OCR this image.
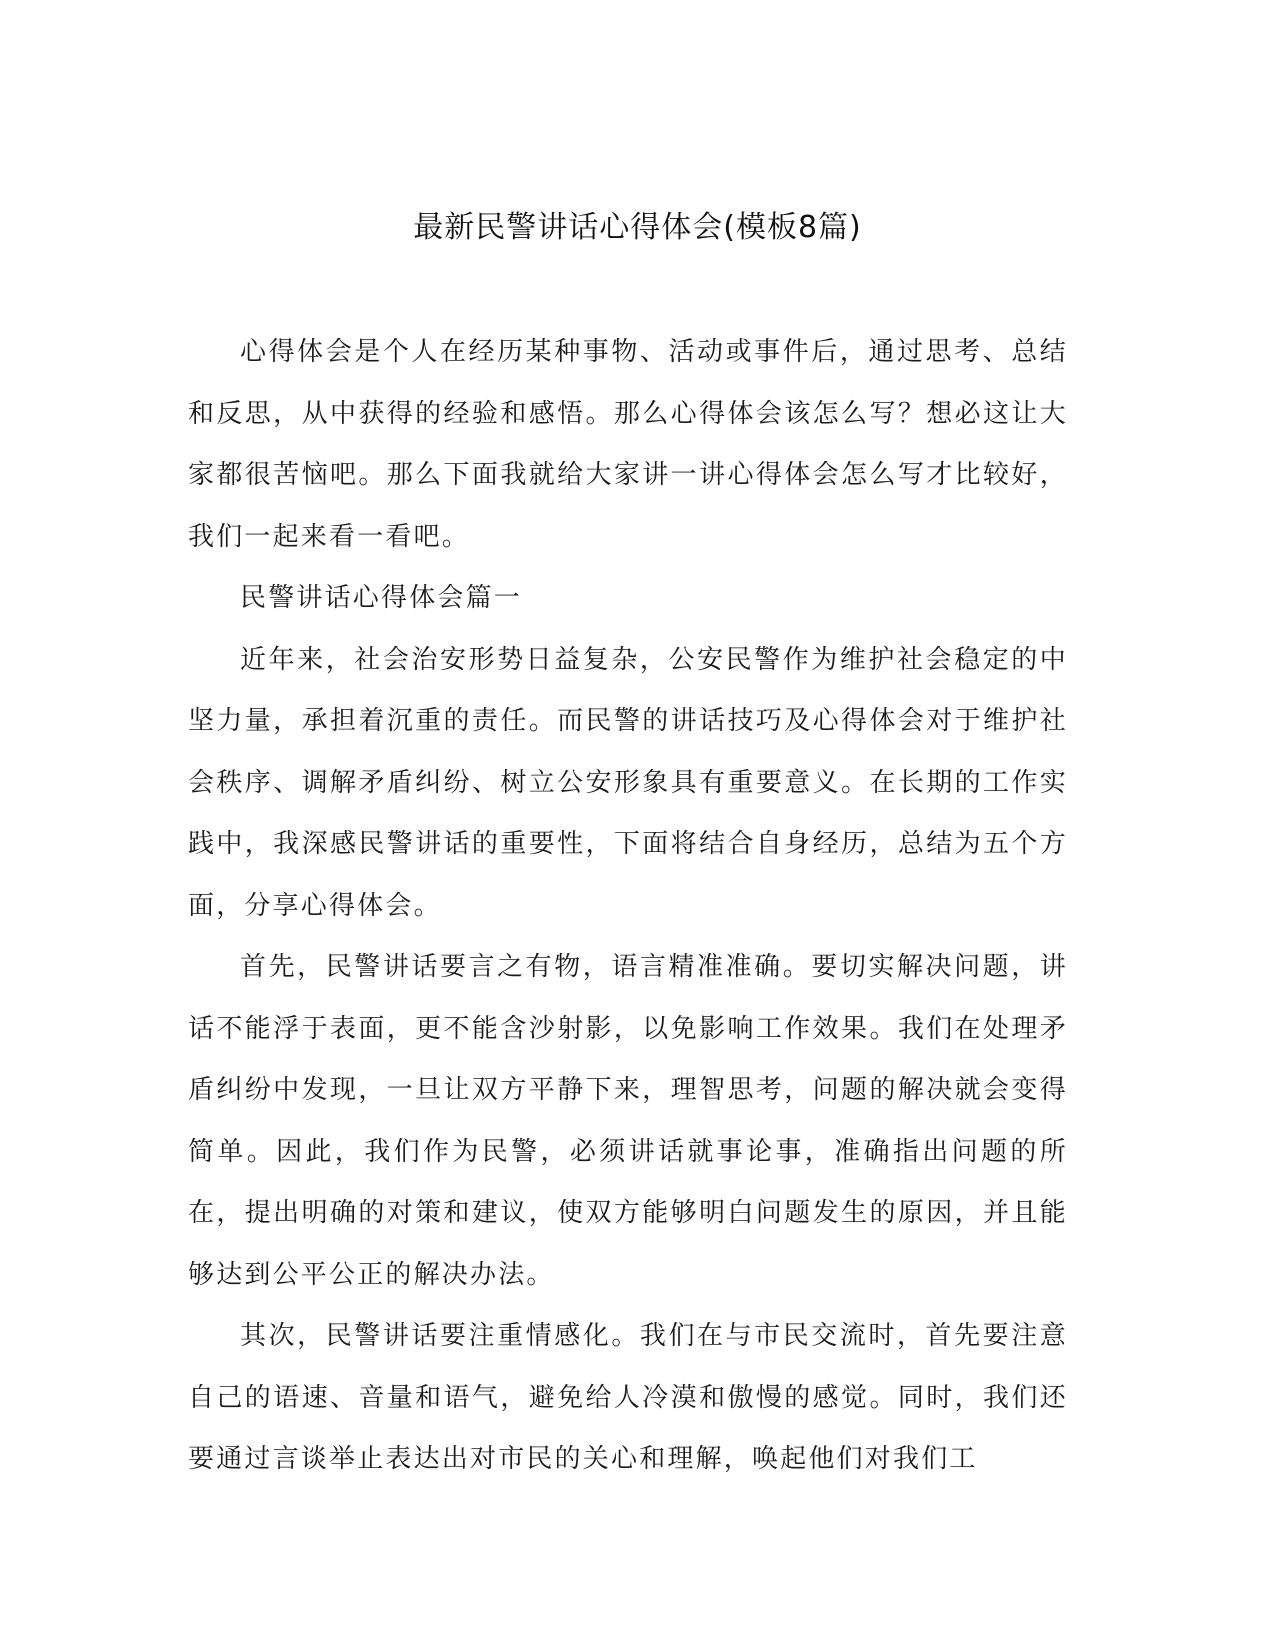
最新民警讲话心得体会(模板8篇)

心得体会是个人在经历某种事物、活动或事件后，通过思考、总结和反思，从中获得的经验和感悟。那么心得体会该怎么写？想必这让大家都很苦恼吧。那么下面我就给大家讲一讲心得体会怎么写才比较好，我们一起来看一看吧。

民警讲话心得体会篇一

近年来，社会治安形势日益复杂，公安民警作为维护社会稳定的中坚力量，承担着沉重的责任。而民警的讲话技巧及心得体会对于维护社会秩序、调解矛盾纠纷、树立公安形象具有重要意义。在长期的工作实践中，我深感民警讲话的重要性，下面将结合自身经历，总结为五个方面，分享心得体会。

首先，民警讲话要言之有物，语言精准准确。要切实解决问题，讲话不能浮于表面，更不能含沙射影，以免影响工作效果。我们在处理矛盾纠纷中发现，一旦让双方平静下来，理智思考，问题的解决就会变得简单。因此，我们作为民警，必须讲话就事论事，准确指出问题的所在，提出明确的对策和建议，使双方能够明白问题发生的原因，并且能够达到公平公正的解决办法。

其次，民警讲话要注重情感化。我们在与市民交流时，首先要注意自己的语速、音量和语气，避免给人冷漠和傲慢的感觉。同时，我们还要通过言谈举止表达出对市民的关心和理解，唤起他们对我们工
